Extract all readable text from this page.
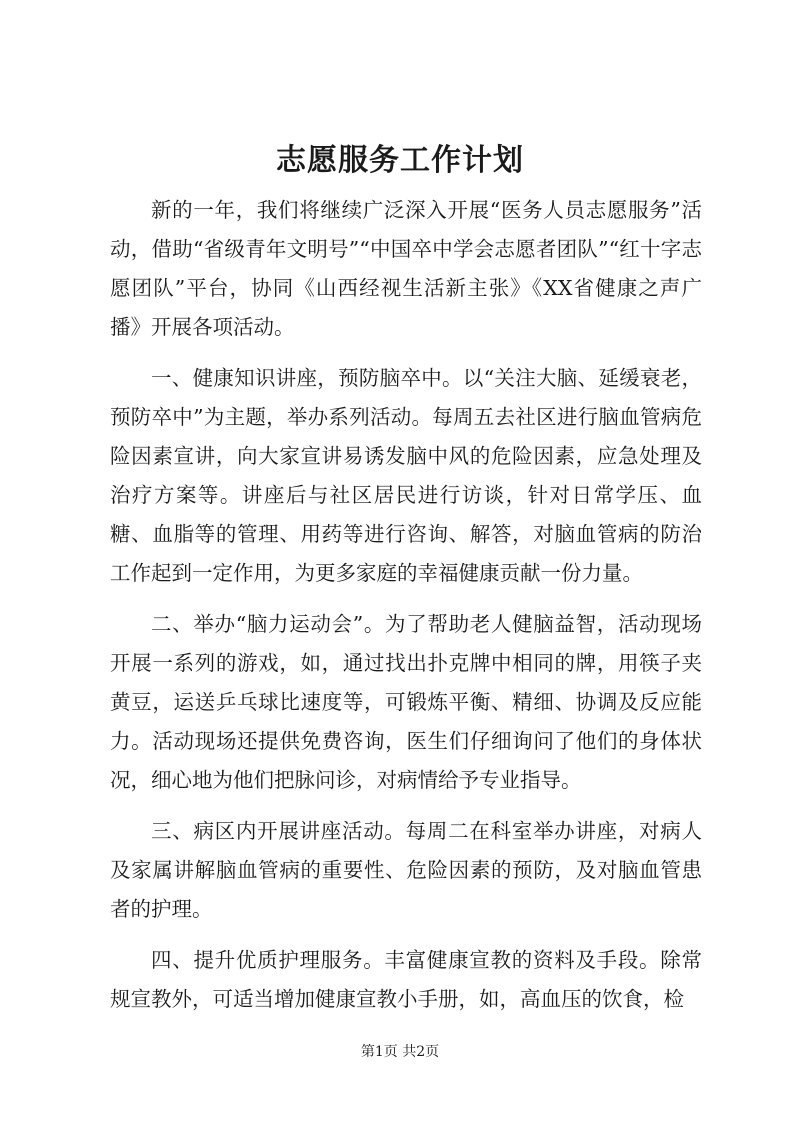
志愿服务工作计划

新的一年，我们将继续广泛深入开展“医务人员志愿服务”活动，借助“省级青年文明号”“中国卒中学会志愿者团队”“红十字志愿团队”平台，协同《山西经视生活新主张》《XX省健康之声广播》开展各项活动。

一、健康知识讲座，预防脑卒中。以“关注大脑、延缓衰老，预防卒中”为主题，举办系列活动。每周五去社区进行脑血管病危险因素宣讲，向大家宣讲易诱发脑中风的危险因素，应急处理及治疗方案等。讲座后与社区居民进行访谈，针对日常学压、血糖、血脂等的管理、用药等进行咨询、解答，对脑血管病的防治工作起到一定作用，为更多家庭的幸福健康贡献一份力量。

二、举办“脑力运动会”。为了帮助老人健脑益智，活动现场开展一系列的游戏，如，通过找出扑克牌中相同的牌，用筷子夹黄豆，运送乒乓球比速度等，可锻炼平衡、精细、协调及反应能力。活动现场还提供免费咨询，医生们仔细询问了他们的身体状况，细心地为他们把脉问诊，对病情给予专业指导。

三、病区内开展讲座活动。每周二在科室举办讲座，对病人及家属讲解脑血管病的重要性、危险因素的预防，及对脑血管患者的护理。

四、提升优质护理服务。丰富健康宣教的资料及手段。除常规宣教外，可适当增加健康宣教小手册，如，高血压的饮食，检

第1页 共2页
